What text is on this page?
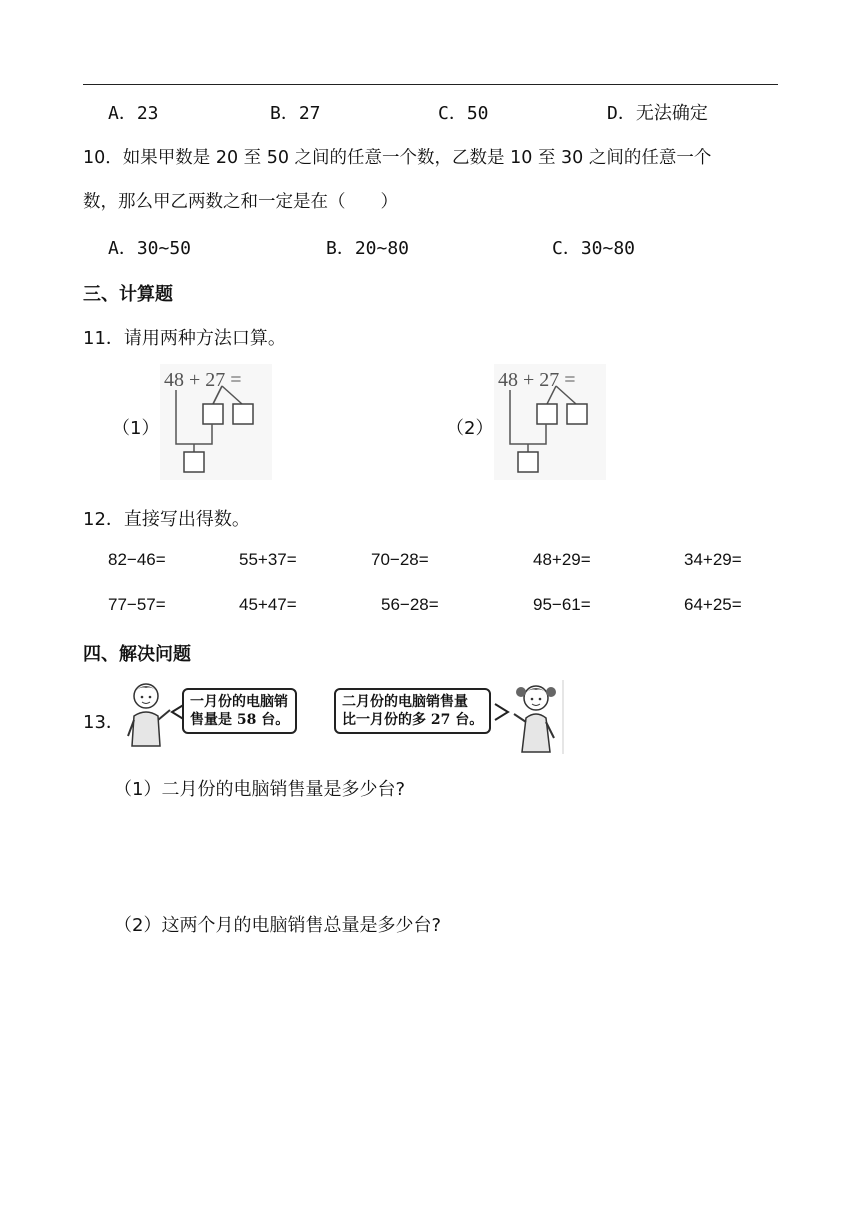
A．23	B．27	C．50	D．无法确定
10．如果甲数是 20 至 50 之间的任意一个数，乙数是 10 至 30 之间的任意一个
数，那么甲乙两数之和一定是在（　　）
A．30~50	B．20~80	C．30~80
三、计算题
11．请用两种方法口算。
（1）	（2）
48 + 27 =	48 + 27 =
12．直接写出得数。
82−46=	55+37=	70−28=	48+29=	34+29=
77−57=	45+47=	56−28=	95−61=	64+25=
四、解决问题
13．
一月份的电脑销
售量是 58 台。
二月份的电脑销售量
比一月份的多 27 台。
（1）二月份的电脑销售量是多少台?
（2）这两个月的电脑销售总量是多少台?
